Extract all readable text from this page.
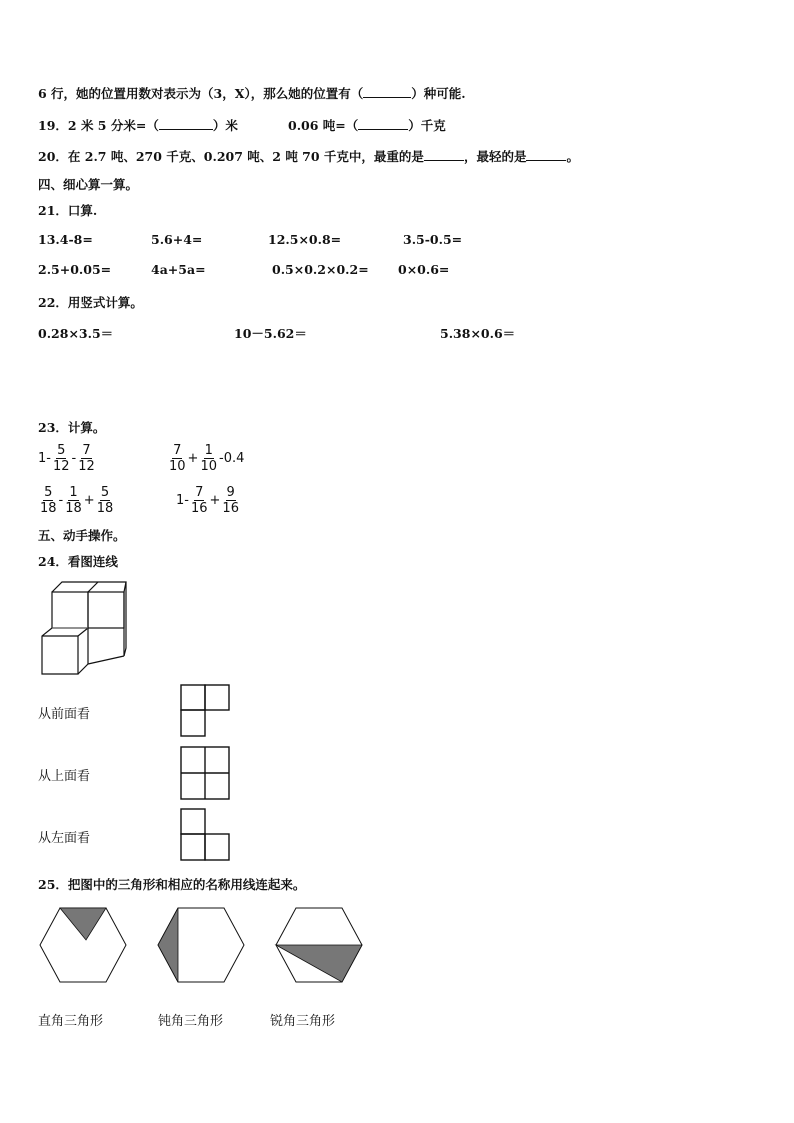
6 行，她的位置用数对表示为（3，X），那么她的位置有（	）种可能.
19．2 米 5 分米=（	）米	0.06 吨=（	）千克
20．在 2.7 吨、270 千克、0.207 吨、2 吨 70 千克中，最重的是	，最轻的是	。
四、细心算一算。
21．口算.
13.4-8=	5.6+4=	12.5×0.8=	3.5-0.5=
2.5+0.05=	4a+5a=	0.5×0.2×0.2= 0×0.6=
22．用竖式计算。
0.28×3.5＝	10－5.62＝	5.38×0.6＝
23．计算。
$1- \frac{5}{12} - \frac{7}{12}$	$\frac{7}{10} + \frac{1}{10} -0.4$
$\frac{5}{18} - \frac{1}{18} + \frac{5}{18}$	$1- \frac{7}{16} + \frac{9}{16}$
五、动手操作。
24．看图连线
从前面看
从上面看
从左面看
25．把图中的三角形和相应的名称用线连起来。
直角三角形	钝角三角形	锐角三角形
